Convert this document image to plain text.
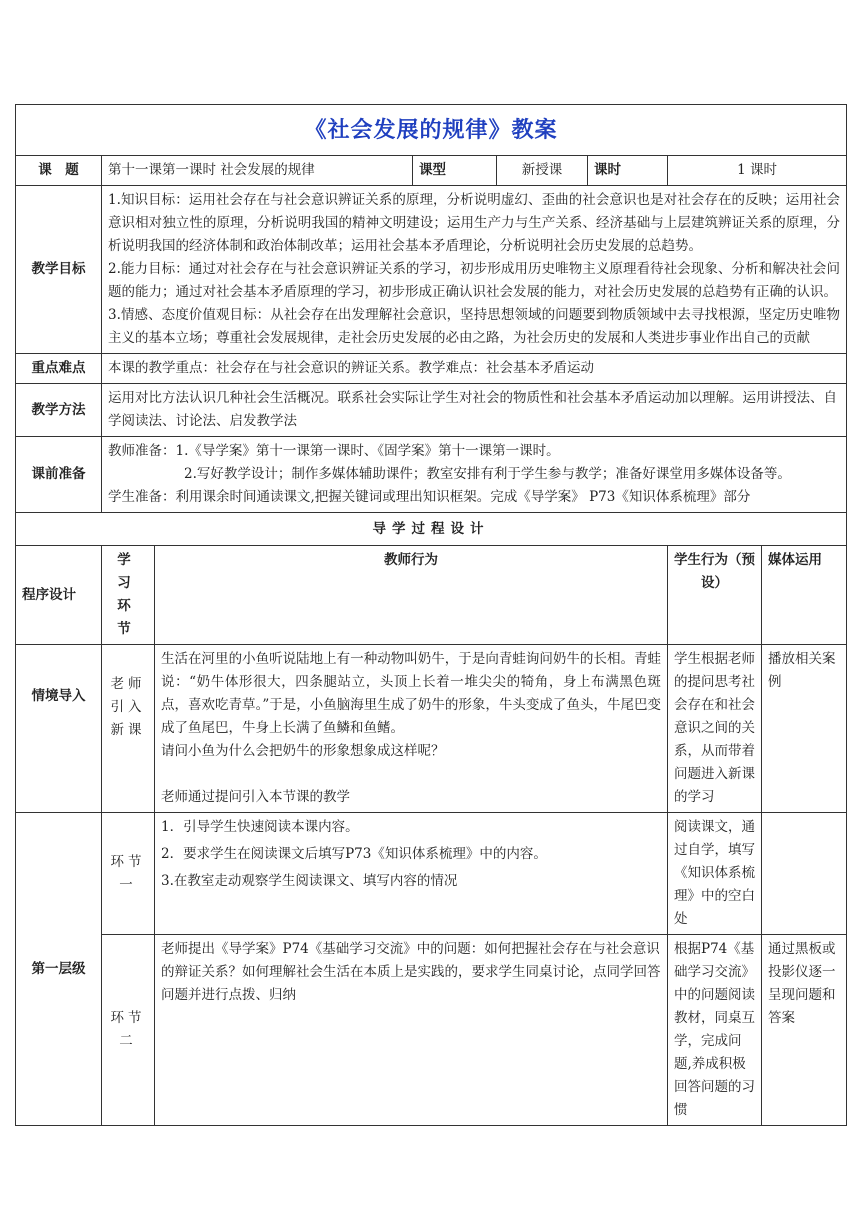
《社会发展的规律》教案							
课　题	第十一课第一课时 社会发展的规律		课型	新授课	课时	1 课时	
教学目标	1.知识目标：运用社会存在与社会意识辨证关系的原理，分析说明虚幻、歪曲的社会意识也是对社会存在的反映；运用社会意识相对独立性的原理，分析说明我国的精神文明建设；运用生产力与生产关系、经济基础与上层建筑辨证关系的原理，分析说明我国的经济体制和政治体制改革；运用社会基本矛盾理论，分析说明社会历史发展的总趋势。

2.能力目标：通过对社会存在与社会意识辨证关系的学习，初步形成用历史唯物主义原理看待社会现象、分析和解决社会问题的能力；通过对社会基本矛盾原理的学习，初步形成正确认识社会发展的能力，对社会历史发展的总趋势有正确的认识。

3.情感、态度价值观目标：从社会存在出发理解社会意识，坚持思想领域的问题要到物质领域中去寻找根源，坚定历史唯物主义的基本立场；尊重社会发展规律，走社会历史发展的必由之路，为社会历史的发展和人类进步事业作出自己的贡献						

重点难点	本课的教学重点：社会存在与社会意识的辨证关系。教学难点：社会基本矛盾运动						
教学方法	运用对比方法认识几种社会生活概况。联系社会实际让学生对社会的物质性和社会基本矛盾运动加以理解。运用讲授法、自学阅读法、讨论法、启发教学法						
课前准备	教师准备：1.《导学案》第十一课第一课时、《固学案》第十一课第一课时。

2.写好教学设计；制作多媒体辅助课件；教室安排有利于学生参与教学；准备好课堂用多媒体设备等。

学生准备：利用课余时间通读课文,把握关键词或理出知识框架。完成《导学案》 P73《知识体系梳理》部分						

导学过程设计							
程序设计	学习环节	教师行为				学生行为（预设）	媒体运用
情境导入	老师引入新课	生活在河里的小鱼听说陆地上有一种动物叫奶牛，于是向青蛙询问奶牛的长相。青蛙说：“奶牛体形很大，四条腿站立，头顶上长着一堆尖尖的犄角，身上布满黑色斑点，喜欢吃青草。”于是，小鱼脑海里生成了奶牛的形象，牛头变成了鱼头，牛尾巴变成了鱼尾巴，牛身上长满了鱼鳞和鱼鳍。

请问小鱼为什么会把奶牛的形象想象成这样呢？

老师通过提问引入本节课的教学				学生根据老师的提问思考社会存在和社会意识之间的关系，从而带着问题进入新课的学习	播放相关案例
第一层级	环节一	1．引导学生快速阅读本课内容。

2．要求学生在阅读课文后填写P73《知识体系梳理》中的内容。

3.在教室走动观察学生阅读课文、填写内容的情况				阅读课文，通过自学，填写《知识体系梳理》中的空白处	
	环节二	老师提出《导学案》P74《基础学习交流》中的问题：如何把握社会存在与社会意识的辩证关系？如何理解社会生活在本质上是实践的，要求学生同桌讨论，点同学回答问题并进行点拨、归纳				根据P74《基础学习交流》中的问题阅读教材，同桌互学，完成问题,养成积极回答问题的习惯	通过黑板或投影仪逐一呈现问题和答案
